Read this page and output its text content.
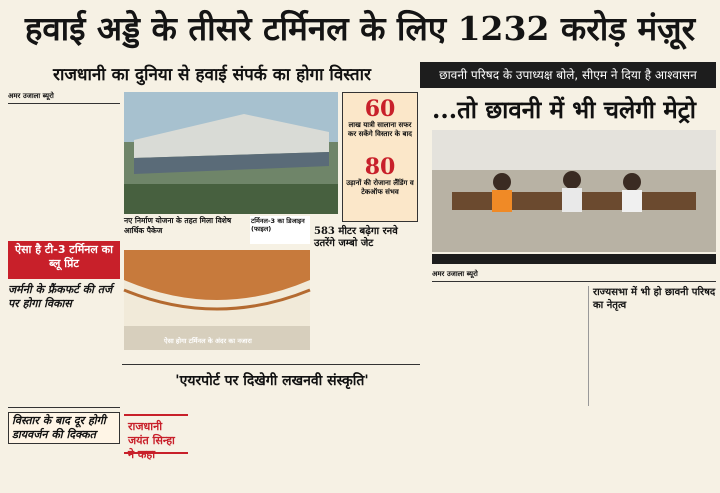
हवाई अड्डे के तीसरे टर्मिनल के लिए 1232 करोड़ मंज़ूर
राजधानी का दुनिया से हवाई संपर्क का होगा विस्तार	छावनी परिषद के उपाध्यक्ष बोले, सीएम ने दिया है आश्वासन
...तो छावनी में भी चलेगी मेट्रो
अमर उजाला ब्यूरो
ऐसा है टी-3 टर्मिनल का ब्लू प्रिंट
जर्मनी के फ्रैंकफर्ट की तर्ज पर होगा विकास
विस्तार के बाद दूर होगी डायवर्जन की दिक्कत
60
लाख यात्री सालाना सफर कर सकेंगे विस्तार के बाद
80
उड़ानों की रोजाना लैंडिंग व टेकऑफ संभव
नए निर्माण योजना के तहत मिला विशेष आर्थिक पैकेज
टर्मिनल-3 का डिजाइन (फाइल)
ऐसा होगा टर्मिनल के अंदर का नजारा
583 मीटर बढ़ेगा रनवे उतरेंगे जम्बो जेट
'एयरपोर्ट पर दिखेगी लखनवी संस्कृति'
राजधानी जयंत सिन्हा ने कहा
अमर उजाला ब्यूरो
राज्यसभा में भी हो छावनी परिषद का नेतृत्व
